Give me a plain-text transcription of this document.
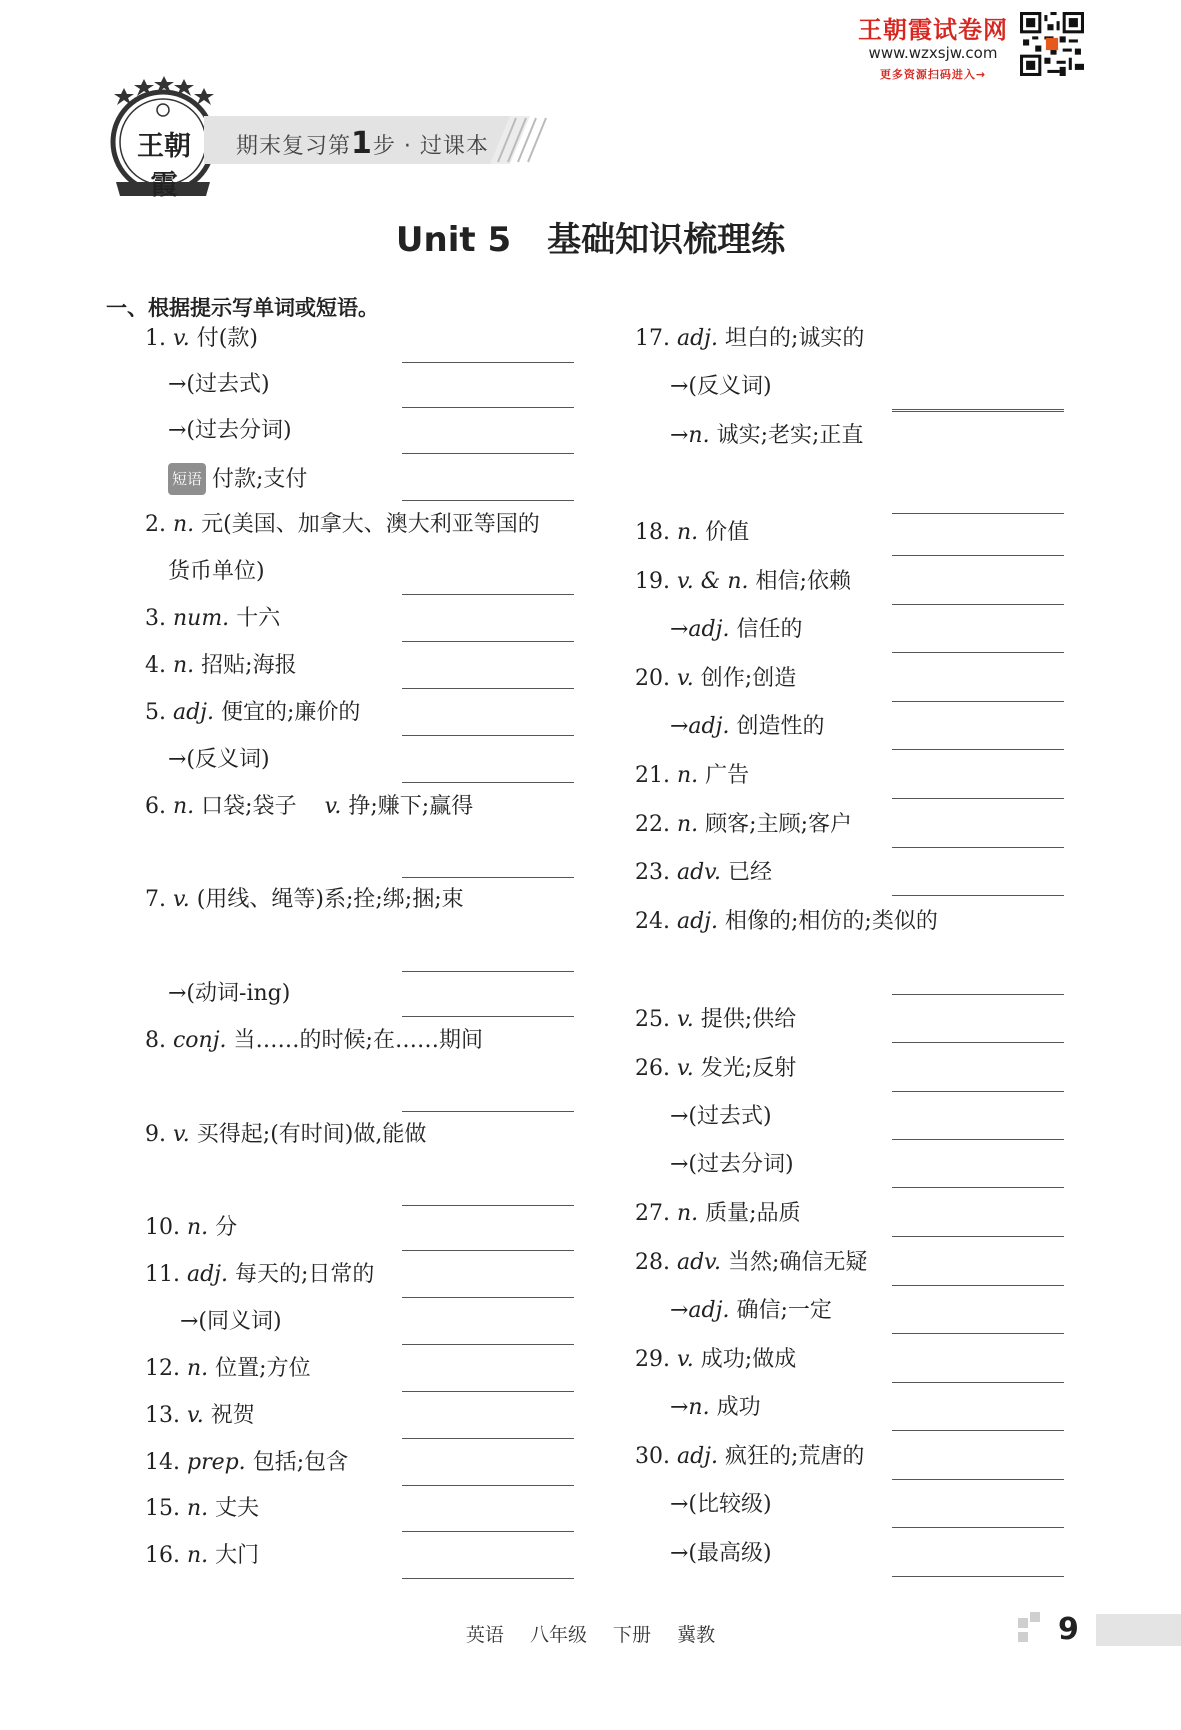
王朝霞试卷网
www.wzxsjw.com
更多资源扫码进入→
王朝霞
期末复习第1步 · 过课本
Unit 5 基础知识梳理练
一、根据提示写单词或短语。
1. v. 付(款)
→(过去式)
→(过去分词)
短语 付款;支付
2. n. 元(美国、加拿大、澳大利亚等国的
货币单位)
3. num. 十六
4. n. 招贴;海报
5. adj. 便宜的;廉价的
→(反义词)
6. n. 口袋;袋子 v. 挣;赚下;赢得
7. v. (用线、绳等)系;拴;绑;捆;束
→(动词-ing)
8. conj. 当……的时候;在……期间
9. v. 买得起;(有时间)做,能做
10. n. 分
11. adj. 每天的;日常的
→(同义词)
12. n. 位置;方位
13. v. 祝贺
14. prep. 包括;包含
15. n. 丈夫
16. n. 大门
17. adj. 坦白的;诚实的
→(反义词)
→n. 诚实;老实;正直
18. n. 价值
19. v. & n. 相信;依赖
→adj. 信任的
20. v. 创作;创造
→adj. 创造性的
21. n. 广告
22. n. 顾客;主顾;客户
23. adv. 已经
24. adj. 相像的;相仿的;类似的
25. v. 提供;供给
26. v. 发光;反射
→(过去式)
→(过去分词)
27. n. 质量;品质
28. adv. 当然;确信无疑
→adj. 确信;一定
29. v. 成功;做成
→n. 成功
30. adj. 疯狂的;荒唐的
→(比较级)
→(最高级)
英语 八年级 下册 冀教	9
